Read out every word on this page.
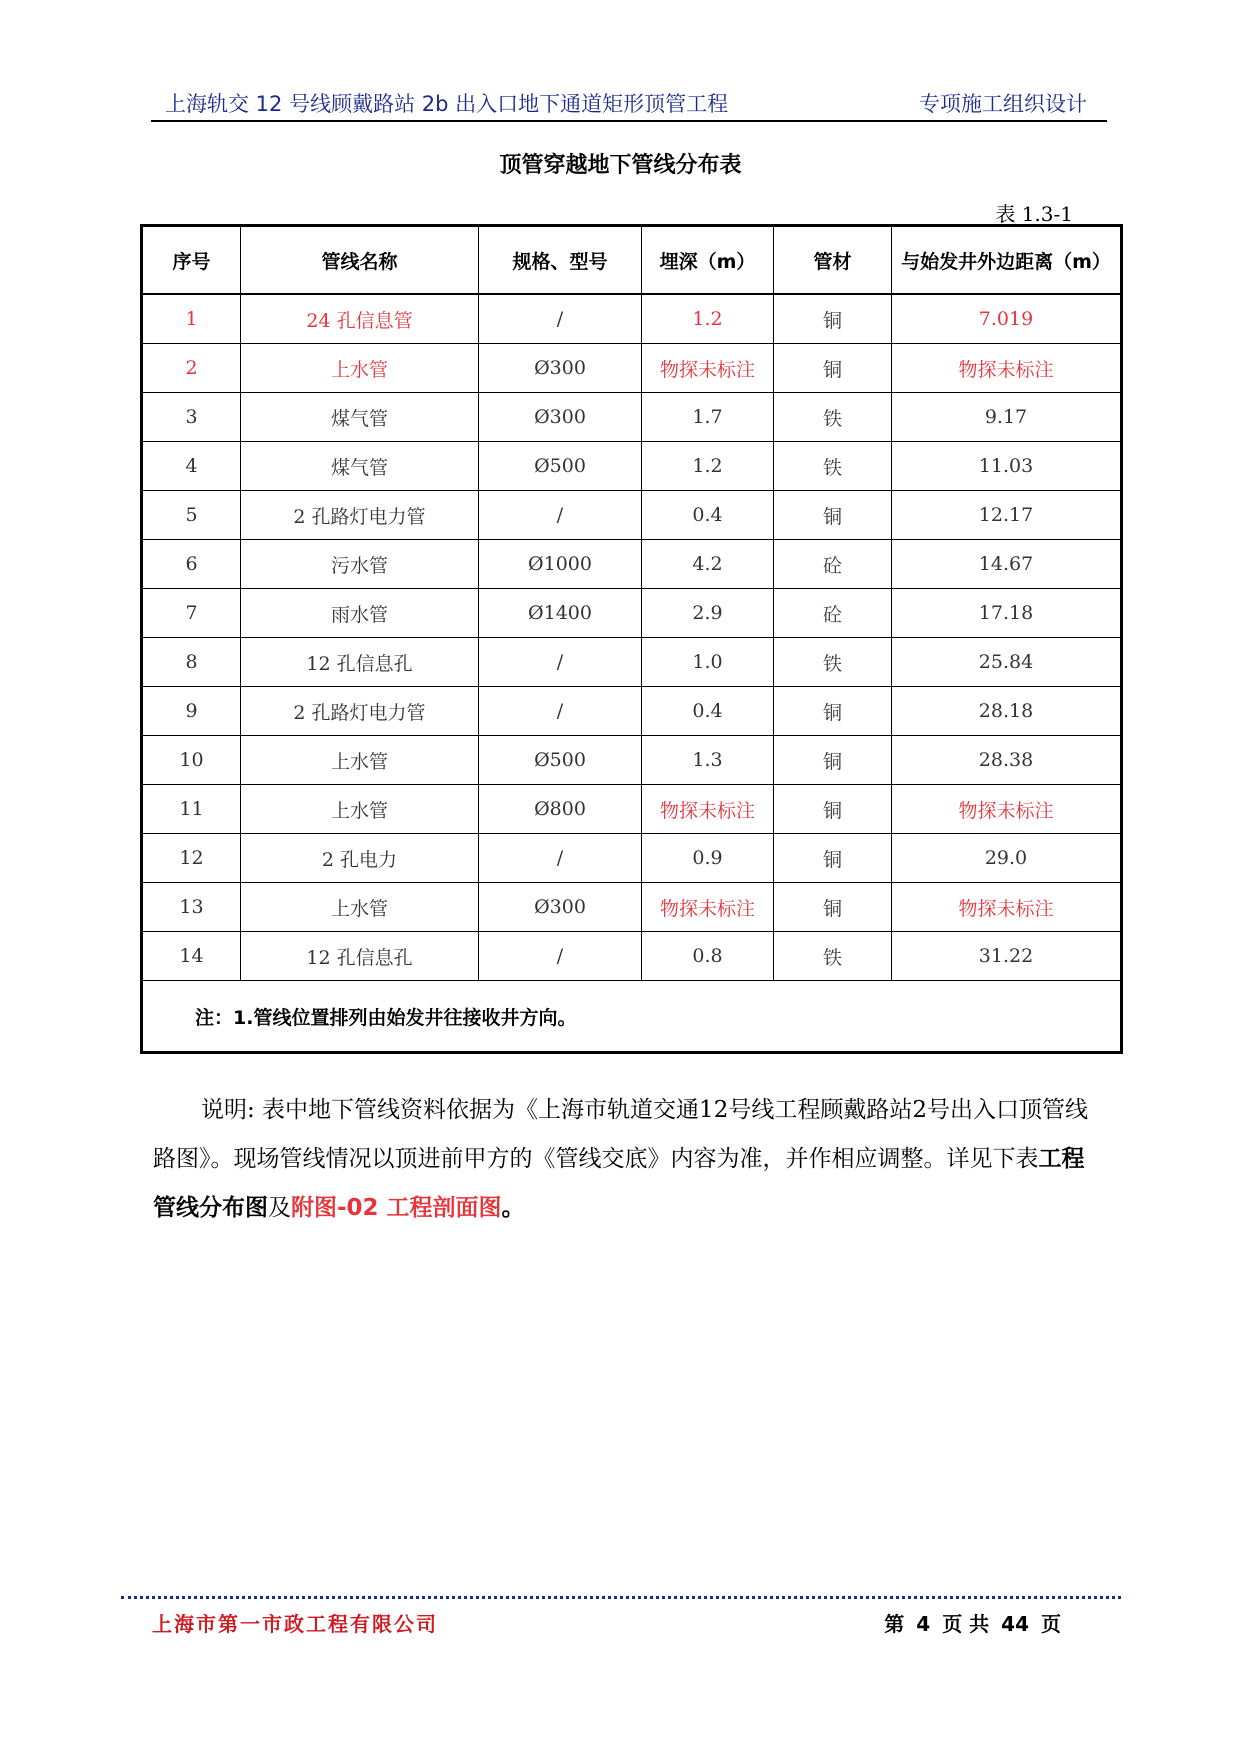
上海轨交 12 号线顾戴路站 2b 出入口地下通道矩形顶管工程	专项施工组织设计
顶管穿越地下管线分布表
表 1.3-1
序号	管线名称	规格、型号	埋深（m）	管材	与始发井外边距离（m）
1	24 孔信息管	/	1.2	铜	7.019
2	上水管	Ø300	物探未标注	铜	物探未标注
3	煤气管	Ø300	1.7	铁	9.17
4	煤气管	Ø500	1.2	铁	11.03
5	2 孔路灯电力管	/	0.4	铜	12.17
6	污水管	Ø1000	4.2	砼	14.67
7	雨水管	Ø1400	2.9	砼	17.18
8	12 孔信息孔	/	1.0	铁	25.84
9	2 孔路灯电力管	/	0.4	铜	28.18
10	上水管	Ø500	1.3	铜	28.38
11	上水管	Ø800	物探未标注	铜	物探未标注
12	2 孔电力	/	0.9	铜	29.0
13	上水管	Ø300	物探未标注	铜	物探未标注
14	12 孔信息孔	/	0.8	铁	31.22
注：1.管线位置排列由始发井往接收井方向。					
说明: 表中地下管线资料依据为《上海市轨道交通12号线工程顾戴路站2号出入口顶管线路图》。现场管线情况以顶进前甲方的《管线交底》内容为准，并作相应调整。详见下表工程管线分布图及附图-02 工程剖面图。
上海市第一市政工程有限公司	第 4 页 共 44 页
